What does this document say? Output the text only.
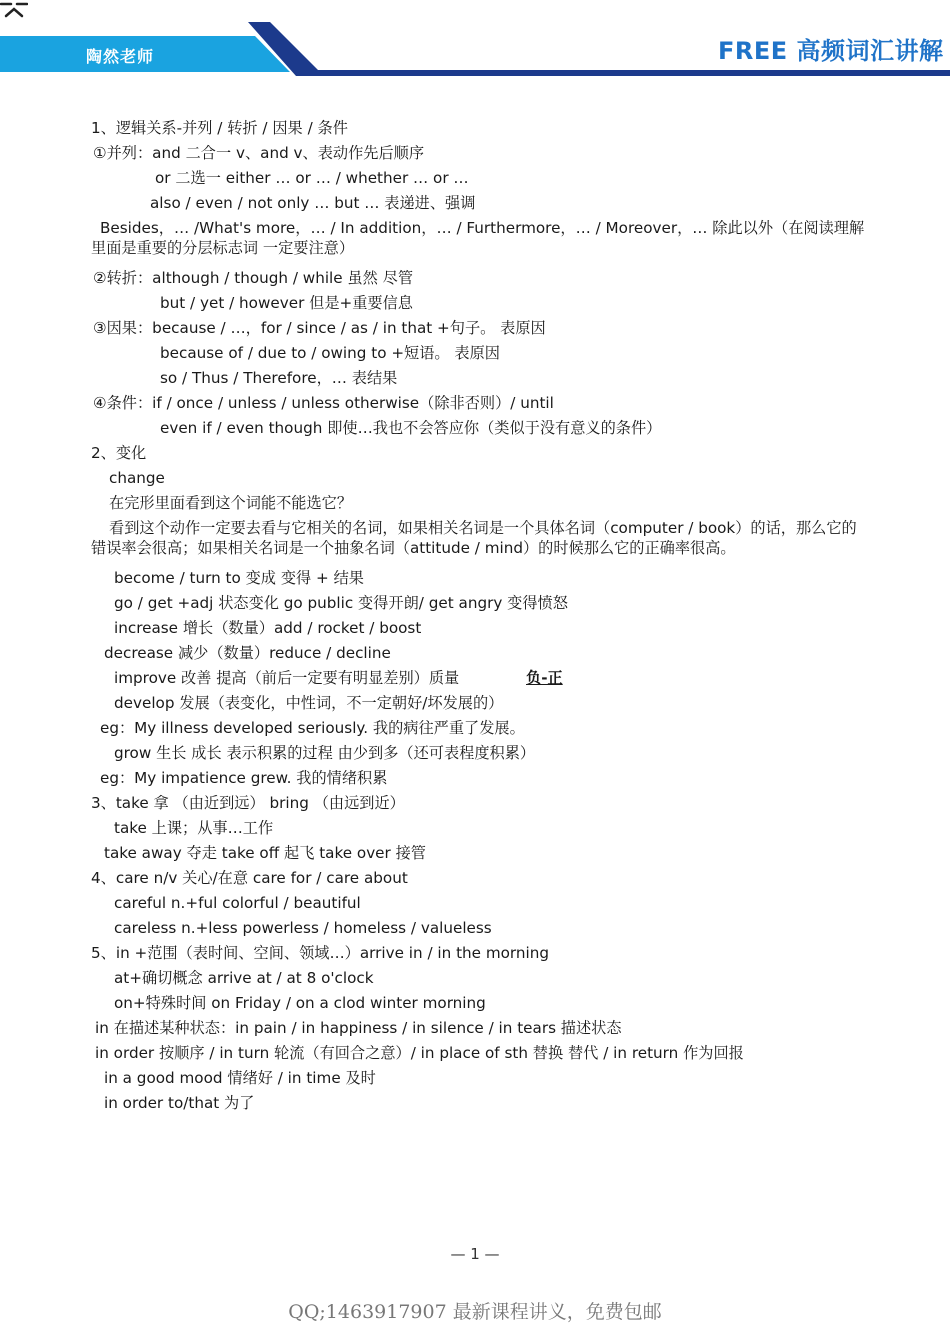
陶然老师	FREE 高频词汇讲解
1、逻辑关系-并列 / 转折 / 因果 / 条件
①并列：and 二合一 v、and v、表动作先后顺序
or 二选一 either … or … / whether … or …
also / even / not only … but … 表递进、强调
Besides，… /What's more，… / In addition，… / Furthermore，… / Moreover，… 除此以外（在阅读理解里面是重要的分层标志词 一定要注意）
②转折：although / though / while 虽然 尽管
but / yet / however 但是+重要信息
③因果：because / …，for / since / as / in that +句子。 表原因
because of / due to / owing to +短语。 表原因
so / Thus / Therefore，… 表结果
④条件：if / once / unless / unless otherwise（除非否则）/ until
even if / even though 即使…我也不会答应你（类似于没有意义的条件）
2、变化
change
在完形里面看到这个词能不能选它？
看到这个动作一定要去看与它相关的名词，如果相关名词是一个具体名词（computer / book）的话，那么它的错误率会很高；如果相关名词是一个抽象名词（attitude / mind）的时候那么它的正确率很高。
become / turn to 变成 变得 + 结果
go / get +adj 状态变化 go public 变得开朗/ get angry 变得愤怒
increase 增长（数量）add / rocket / boost
decrease 减少（数量）reduce / decline
improve 改善 提高（前后一定要有明显差别）质量	负-正
develop 发展（表变化，中性词，不一定朝好/坏发展的）
eg：My illness developed seriously. 我的病往严重了发展。
grow 生长 成长 表示积累的过程 由少到多（还可表程度积累）
eg：My impatience grew. 我的情绪积累
3、take 拿 （由近到远） bring （由远到近）
take 上课；从事…工作
take away 夺走 take off 起飞 take over 接管
4、care n/v 关心/在意 care for / care about
careful n.+ful colorful / beautiful
careless n.+less powerless / homeless / valueless
5、in +范围（表时间、空间、领域…）arrive in / in the morning
at+确切概念 arrive at / at 8 o'clock
on+特殊时间 on Friday / on a clod winter morning
in 在描述某种状态：in pain / in happiness / in silence / in tears 描述状态
in order 按顺序 / in turn 轮流（有回合之意）/ in place of sth 替换 替代 / in return 作为回报
in a good mood 情绪好 / in time 及时
in order to/that 为了
— 1 —
QQ;1463917907 最新课程讲义，免费包邮
